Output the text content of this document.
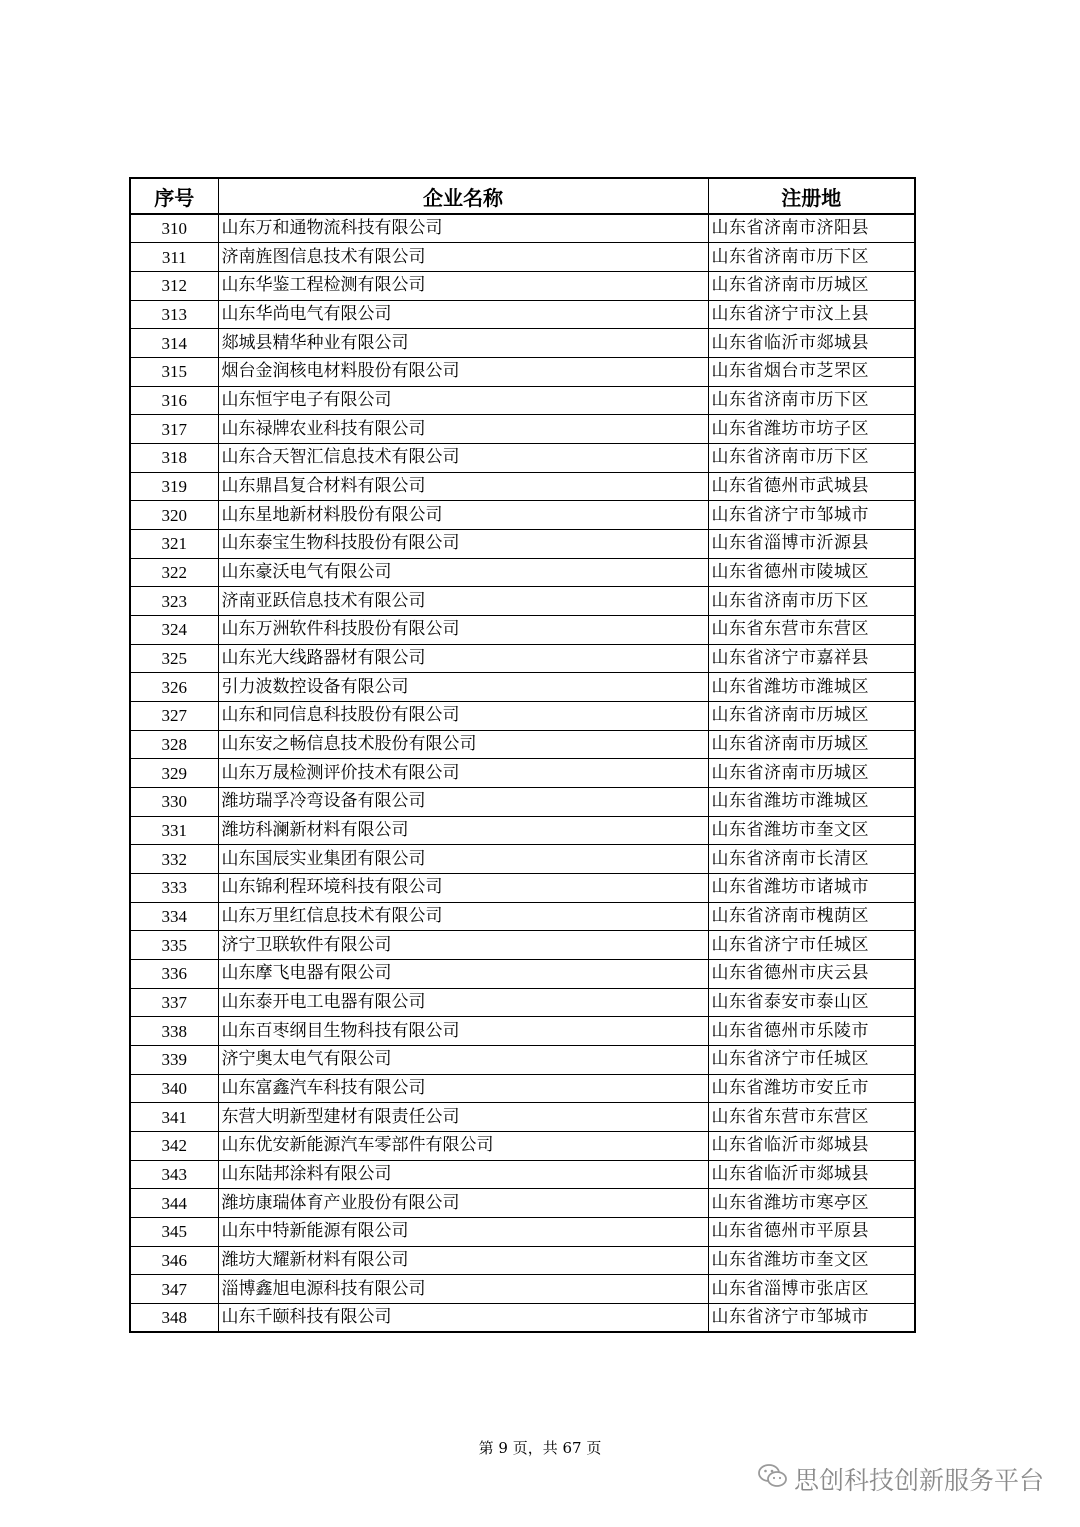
序号	企业名称	注册地
310	山东万和通物流科技有限公司	山东省济南市济阳县
311	济南旌图信息技术有限公司	山东省济南市历下区
312	山东华鉴工程检测有限公司	山东省济南市历城区
313	山东华尚电气有限公司	山东省济宁市汶上县
314	郯城县精华种业有限公司	山东省临沂市郯城县
315	烟台金润核电材料股份有限公司	山东省烟台市芝罘区
316	山东恒宇电子有限公司	山东省济南市历下区
317	山东禄牌农业科技有限公司	山东省潍坊市坊子区
318	山东合天智汇信息技术有限公司	山东省济南市历下区
319	山东鼎昌复合材料有限公司	山东省德州市武城县
320	山东星地新材料股份有限公司	山东省济宁市邹城市
321	山东泰宝生物科技股份有限公司	山东省淄博市沂源县
322	山东豪沃电气有限公司	山东省德州市陵城区
323	济南亚跃信息技术有限公司	山东省济南市历下区
324	山东万洲软件科技股份有限公司	山东省东营市东营区
325	山东光大线路器材有限公司	山东省济宁市嘉祥县
326	引力波数控设备有限公司	山东省潍坊市潍城区
327	山东和同信息科技股份有限公司	山东省济南市历城区
328	山东安之畅信息技术股份有限公司	山东省济南市历城区
329	山东万晟检测评价技术有限公司	山东省济南市历城区
330	潍坊瑞孚冷弯设备有限公司	山东省潍坊市潍城区
331	潍坊科澜新材料有限公司	山东省潍坊市奎文区
332	山东国辰实业集团有限公司	山东省济南市长清区
333	山东锦利程环境科技有限公司	山东省潍坊市诸城市
334	山东万里红信息技术有限公司	山东省济南市槐荫区
335	济宁卫联软件有限公司	山东省济宁市任城区
336	山东摩飞电器有限公司	山东省德州市庆云县
337	山东泰开电工电器有限公司	山东省泰安市泰山区
338	山东百枣纲目生物科技有限公司	山东省德州市乐陵市
339	济宁奥太电气有限公司	山东省济宁市任城区
340	山东富鑫汽车科技有限公司	山东省潍坊市安丘市
341	东营大明新型建材有限责任公司	山东省东营市东营区
342	山东优安新能源汽车零部件有限公司	山东省临沂市郯城县
343	山东陆邦涂料有限公司	山东省临沂市郯城县
344	潍坊康瑞体育产业股份有限公司	山东省潍坊市寒亭区
345	山东中特新能源有限公司	山东省德州市平原县
346	潍坊大耀新材料有限公司	山东省潍坊市奎文区
347	淄博鑫旭电源科技有限公司	山东省淄博市张店区
348	山东千颐科技有限公司	山东省济宁市邹城市
第 9 页，共 67 页
思创科技创新服务平台
